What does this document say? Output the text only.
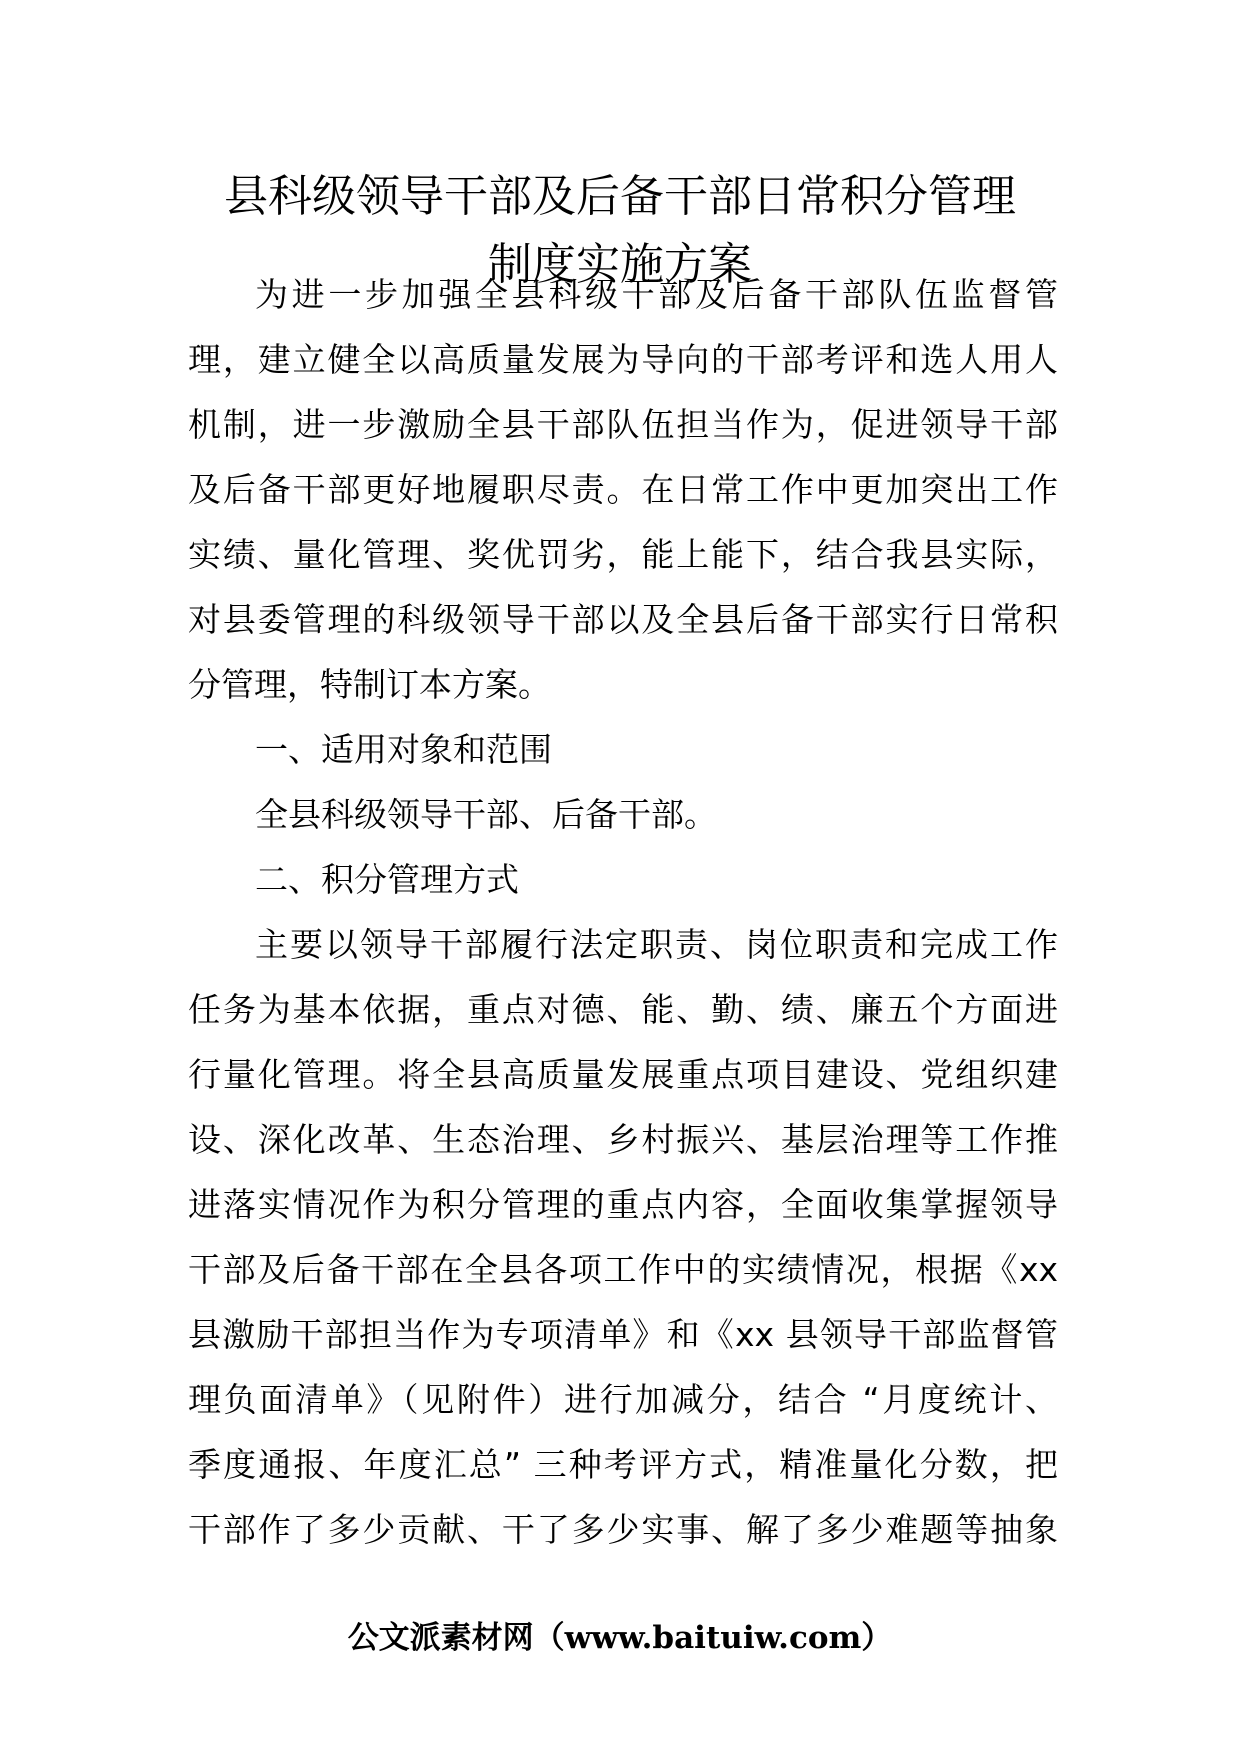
县科级领导干部及后备干部日常积分管理
制度实施方案
为进一步加强全县科级干部及后备干部队伍监督管
理，建立健全以高质量发展为导向的干部考评和选人用人
机制，进一步激励全县干部队伍担当作为，促进领导干部
及后备干部更好地履职尽责。在日常工作中更加突出工作
实绩、量化管理、奖优罚劣，能上能下，结合我县实际，
对县委管理的科级领导干部以及全县后备干部实行日常积
分管理，特制订本方案。
一、适用对象和范围
全县科级领导干部、后备干部。
二、积分管理方式
主要以领导干部履行法定职责、岗位职责和完成工作
任务为基本依据，重点对德、能、勤、绩、廉五个方面进
行量化管理。将全县高质量发展重点项目建设、党组织建
设、深化改革、生态治理、乡村振兴、基层治理等工作推
进落实情况作为积分管理的重点内容，全面收集掌握领导
干部及后备干部在全县各项工作中的实绩情况，根据《xx
县激励干部担当作为专项清单》和《xx 县领导干部监督管
理负面清单》（见附件）进行加减分，结合 “月度统计、
季度通报、年度汇总” 三种考评方式，精准量化分数，把
干部作了多少贡献、干了多少实事、解了多少难题等抽象
公文派素材网（www.baituiw.com）
